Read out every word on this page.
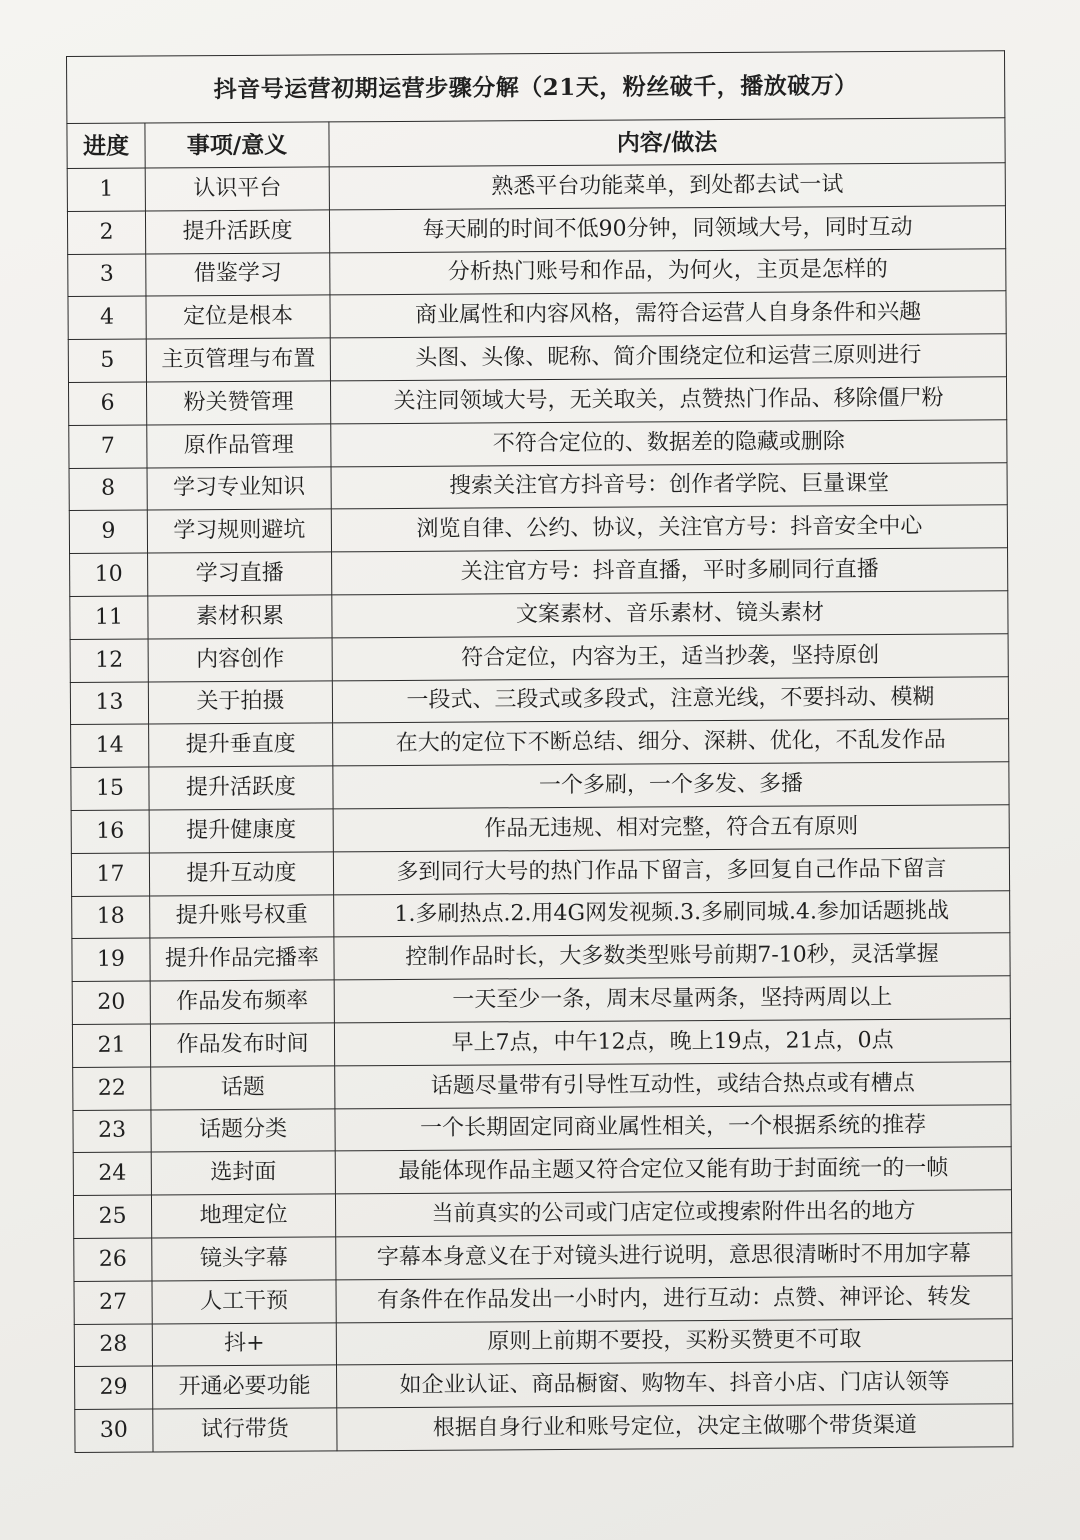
抖音号运营初期运营步骤分解（21天，粉丝破千，播放破万）		
进度	事项/意义	内容/做法
1	认识平台	熟悉平台功能菜单，到处都去试一试
2	提升活跃度	每天刷的时间不低90分钟，同领域大号，同时互动
3	借鉴学习	分析热门账号和作品，为何火，主页是怎样的
4	定位是根本	商业属性和内容风格，需符合运营人自身条件和兴趣
5	主页管理与布置	头图、头像、昵称、简介围绕定位和运营三原则进行
6	粉关赞管理	关注同领域大号，无关取关，点赞热门作品、移除僵尸粉
7	原作品管理	不符合定位的、数据差的隐藏或删除
8	学习专业知识	搜索关注官方抖音号：创作者学院、巨量课堂
9	学习规则避坑	浏览自律、公约、协议，关注官方号：抖音安全中心
10	学习直播	关注官方号：抖音直播，平时多刷同行直播
11	素材积累	文案素材、音乐素材、镜头素材
12	内容创作	符合定位，内容为王，适当抄袭，坚持原创
13	关于拍摄	一段式、三段式或多段式，注意光线，不要抖动、模糊
14	提升垂直度	在大的定位下不断总结、细分、深耕、优化，不乱发作品
15	提升活跃度	一个多刷，一个多发、多播
16	提升健康度	作品无违规、相对完整，符合五有原则
17	提升互动度	多到同行大号的热门作品下留言，多回复自己作品下留言
18	提升账号权重	1.多刷热点.2.用4G网发视频.3.多刷同城.4.参加话题挑战
19	提升作品完播率	控制作品时长，大多数类型账号前期7-10秒，灵活掌握
20	作品发布频率	一天至少一条，周末尽量两条，坚持两周以上
21	作品发布时间	早上7点，中午12点，晚上19点，21点，0点
22	话题	话题尽量带有引导性互动性，或结合热点或有槽点
23	话题分类	一个长期固定同商业属性相关，一个根据系统的推荐
24	选封面	最能体现作品主题又符合定位又能有助于封面统一的一帧
25	地理定位	当前真实的公司或门店定位或搜索附件出名的地方
26	镜头字幕	字幕本身意义在于对镜头进行说明，意思很清晰时不用加字幕
27	人工干预	有条件在作品发出一小时内，进行互动：点赞、神评论、转发
28	抖+	原则上前期不要投，买粉买赞更不可取
29	开通必要功能	如企业认证、商品橱窗、购物车、抖音小店、门店认领等
30	试行带货	根据自身行业和账号定位，决定主做哪个带货渠道
